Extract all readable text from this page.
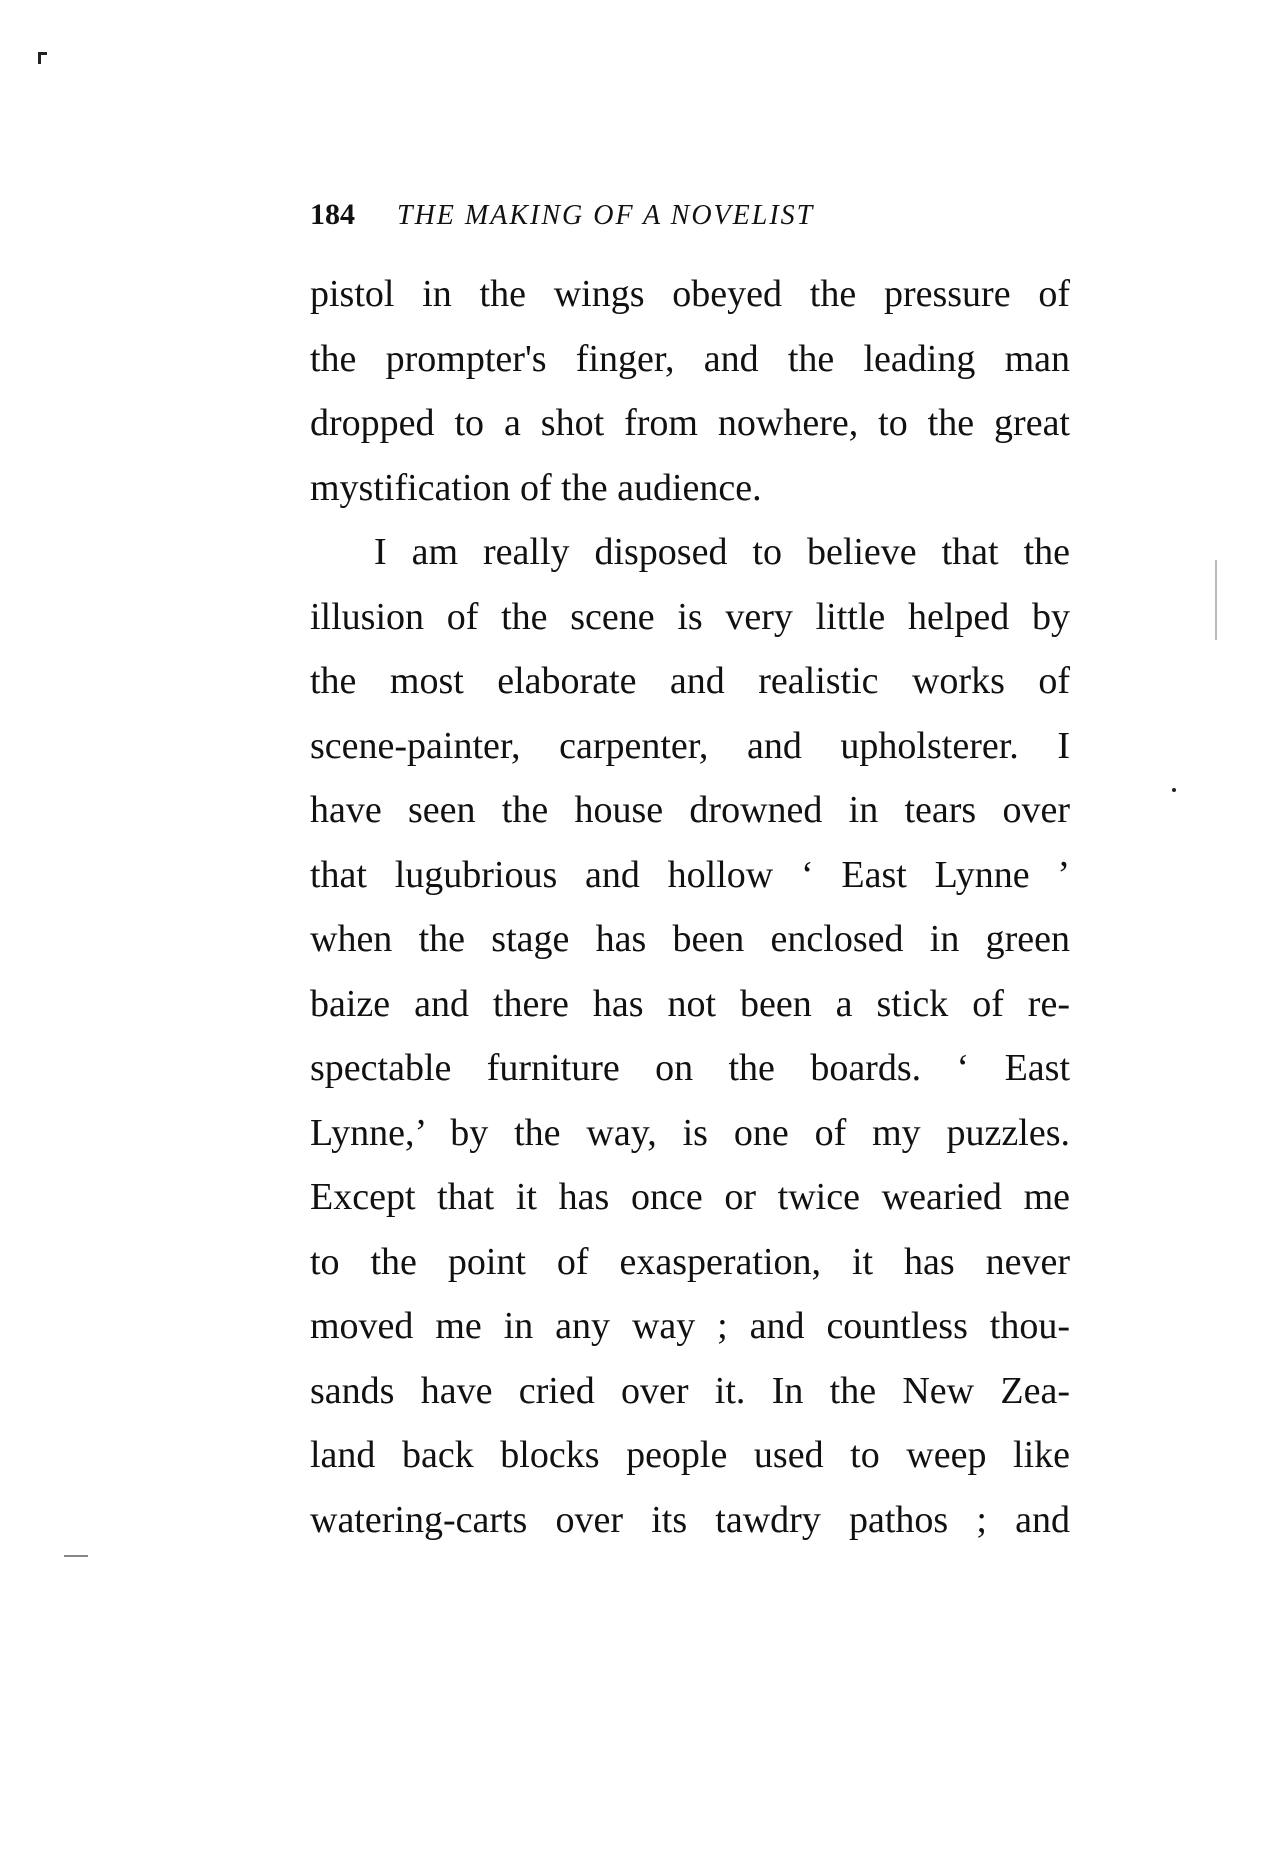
184 THE MAKING OF A NOVELIST
pistol in the wings obeyed the pressure of
the prompter's finger, and the leading man
dropped to a shot from nowhere, to the great
mystification of the audience.
I am really disposed to believe that the
illusion of the scene is very little helped by
the most elaborate and realistic works of
scene-painter, carpenter, and upholsterer. I
have seen the house drowned in tears over
that lugubrious and hollow ‘ East Lynne ’
when the stage has been enclosed in green
baize and there has not been a stick of re-
spectable furniture on the boards. ‘ East
Lynne,’ by the way, is one of my puzzles.
Except that it has once or twice wearied me
to the point of exasperation, it has never
moved me in any way ; and countless thou-
sands have cried over it. In the New Zea-
land back blocks people used to weep like
watering-carts over its tawdry pathos ; and
